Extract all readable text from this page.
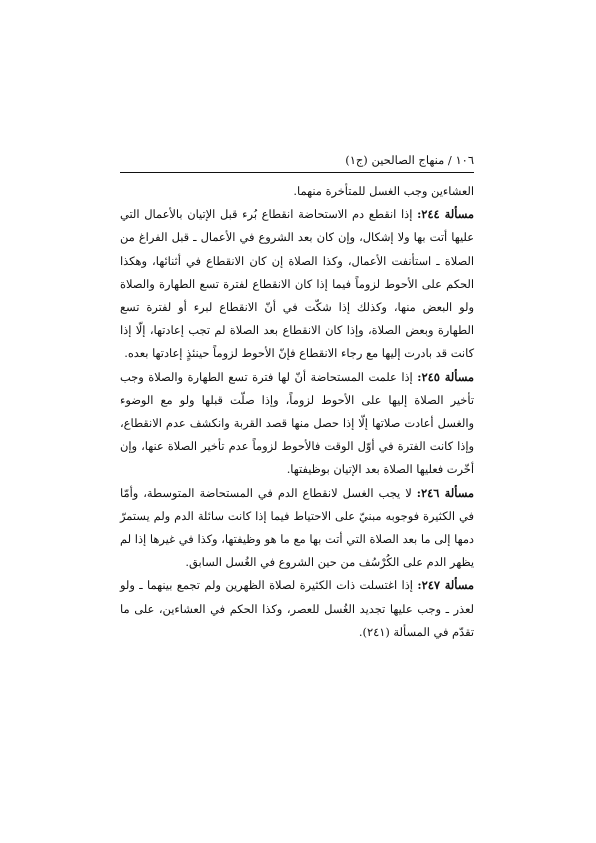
١٠٦ / منهاج الصالحين (ج١)

العشاءين وجب الغسل للمتأخرة منهما.

مسألة ٢٤٤: إذا انقطع دم الاستحاضة انقطاع بُرء قبل الإتيان بالأعمال التي عليها أتت بها ولا إشكال، وإن كان بعد الشروع في الأعمال ـ قبل الفراغ من الصلاة ـ استأنفت الأعمال، وكذا الصلاة إن كان الانقطاع في أثنائها، وهكذا الحكم على الأحوط لزوماً فيما إذا كان الانقطاع لفترة تسع الطهارة والصلاة ولو البعض منها، وكذلك إذا شكّت في أنّ الانقطاع لبرء أو لفترة تسع الطهارة وبعض الصلاة، وإذا كان الانقطاع بعد الصلاة لم تجب إعادتها، إلّا إذا كانت قد بادرت إليها مع رجاء الانقطاع فإنّ الأحوط لزوماً حينئذٍ إعادتها بعده.

مسألة ٢٤٥: إذا علمت المستحاضة أنّ لها فترة تسع الطهارة والصلاة وجب تأخير الصلاة إليها على الأحوط لزوماً، وإذا صلّت قبلها ولو مع الوضوء والغسل أعادت صلاتها إلّا إذا حصل منها قصد القربة وانكشف عدم الانقطاع، وإذا كانت الفترة في أوّل الوقت فالأحوط لزوماً عدم تأخير الصلاة عنها، وإن أخّرت فعليها الصلاة بعد الإتيان بوظيفتها.

مسألة ٢٤٦: لا يجب الغسل لانقطاع الدم في المستحاضة المتوسطة، وأمّا في الكثيرة فوجوبه مبنيّ على الاحتياط فيما إذا كانت سائلة الدم ولم يستمرّ دمها إلى ما بعد الصلاة التي أتت بها مع ما هو وظيفتها، وكذا في غيرها إذا لم يظهر الدم على الكُرْسُف من حين الشروع في الغُسل السابق.

مسألة ٢٤٧: إذا اغتسلت ذات الكثيرة لصلاة الظهرين ولم تجمع بينهما ـ ولو لعذر ـ وجب عليها تجديد الغُسل للعصر، وكذا الحكم في العشاءين، على ما تقدّم في المسألة (٢٤١).
